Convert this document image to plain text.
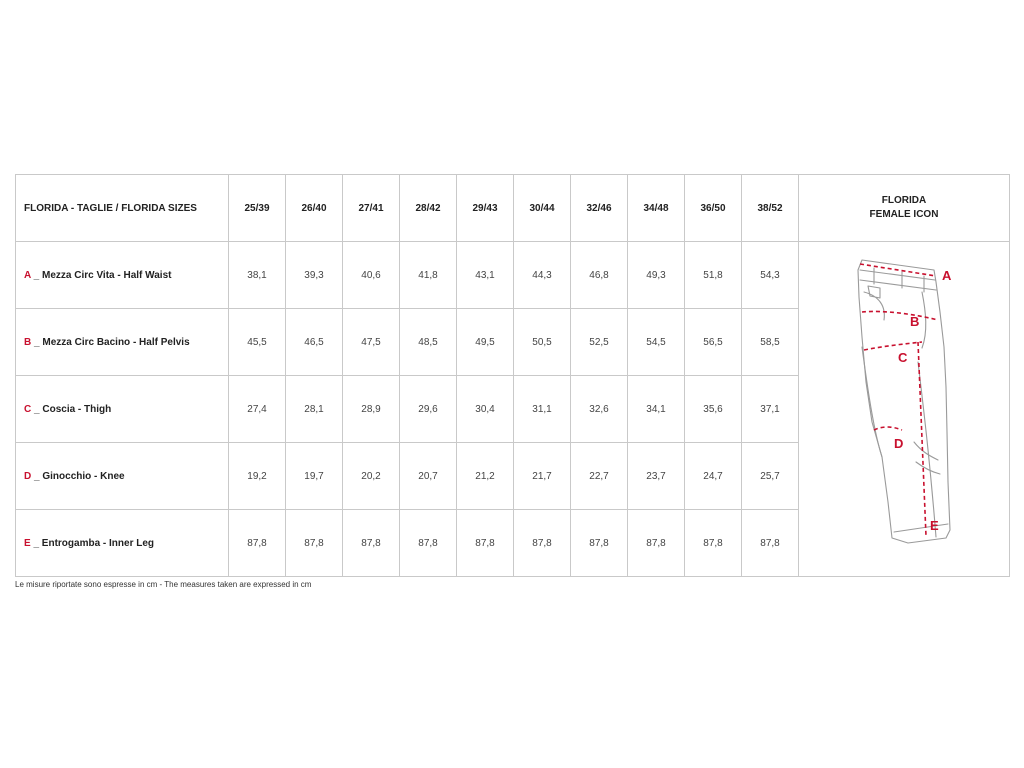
FLORIDA - TAGLIE / FLORIDA SIZES	25/39	26/40	27/41	28/42	29/43	30/44	32/46	34/48	36/50	38/52	FLORIDA
FEMALE ICON

A _ Mezza Circ Vita - Half Waist	38,1	39,3	40,6	41,8	43,1	44,3	46,8	49,3	51,8	54,3	A
B
C
D
E

B _ Mezza Circ Bacino - Half Pelvis	45,5	46,5	47,5	48,5	49,5	50,5	52,5	54,5	56,5	58,5	
C _ Coscia - Thigh	27,4	28,1	28,9	29,6	30,4	31,1	32,6	34,1	35,6	37,1	
D _ Ginocchio - Knee	19,2	19,7	20,2	20,7	21,2	21,7	22,7	23,7	24,7	25,7	
E _ Entrogamba - Inner Leg	87,8	87,8	87,8	87,8	87,8	87,8	87,8	87,8	87,8	87,8	
Le misure riportate sono espresse in cm - The measures taken are expressed in cm
